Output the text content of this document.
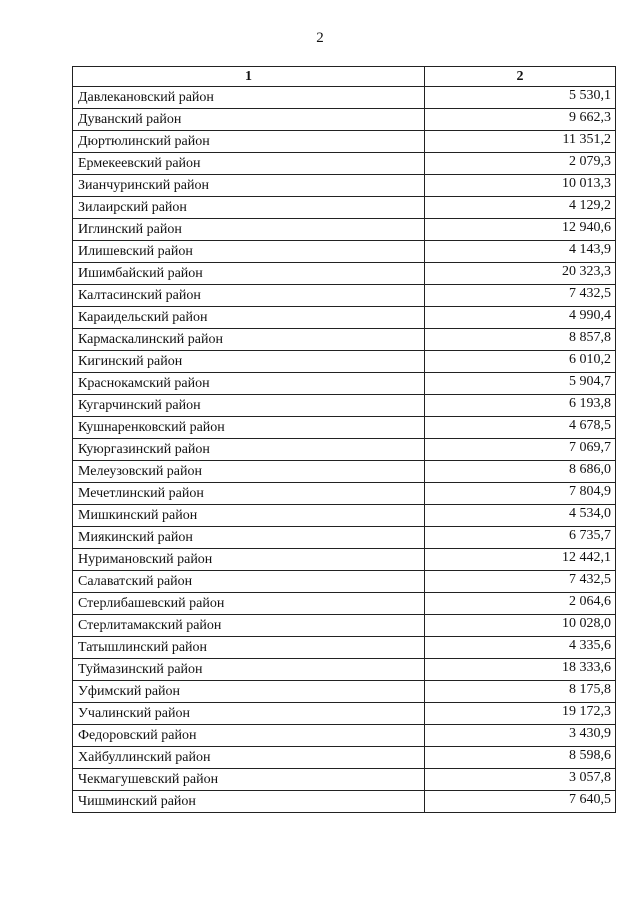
2
1	2
Давлекановский район	5 530,1
Дуванский район	9 662,3
Дюртюлинский район	11 351,2
Ермекеевский район	2 079,3
Зианчуринский район	10 013,3
Зилаирский район	4 129,2
Иглинский район	12 940,6
Илишевский район	4 143,9
Ишимбайский район	20 323,3
Калтасинский район	7 432,5
Караидельский район	4 990,4
Кармаскалинский район	8 857,8
Кигинский район	6 010,2
Краснокамский район	5 904,7
Кугарчинский район	6 193,8
Кушнаренковский район	4 678,5
Куюргазинский район	7 069,7
Мелеузовский район	8 686,0
Мечетлинский район	7 804,9
Мишкинский район	4 534,0
Миякинский район	6 735,7
Нуримановский район	12 442,1
Салаватский район	7 432,5
Стерлибашевский район	2 064,6
Стерлитамакский район	10 028,0
Татышлинский район	4 335,6
Туймазинский район	18 333,6
Уфимский район	8 175,8
Учалинский район	19 172,3
Федоровский район	3 430,9
Хайбуллинский район	8 598,6
Чекмагушевский район	3 057,8
Чишминский район	7 640,5
